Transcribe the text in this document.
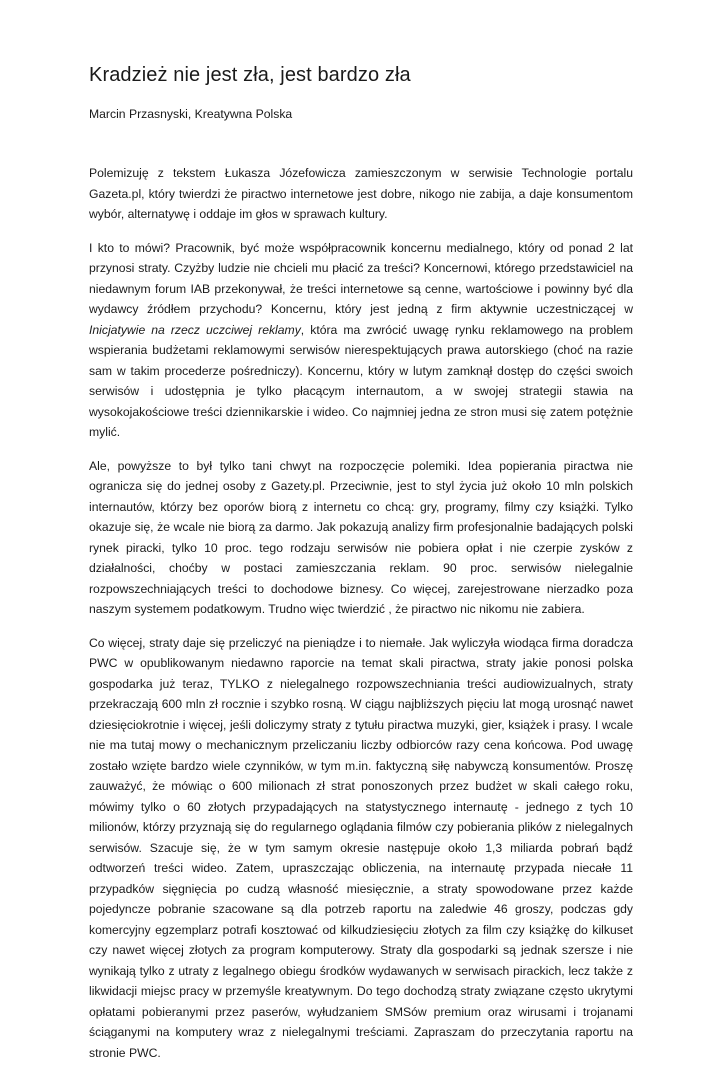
Kradzież nie jest zła, jest bardzo zła

Marcin Przasnyski, Kreatywna Polska

Polemizuję z tekstem Łukasza Józefowicza zamieszczonym w serwisie Technologie portalu Gazeta.pl, który twierdzi że piractwo internetowe jest dobre, nikogo nie zabija, a daje konsumentom wybór, alternatywę i oddaje im głos w sprawach kultury.

I kto to mówi? Pracownik, być może współpracownik koncernu medialnego, który od ponad 2 lat przynosi straty. Czyżby ludzie nie chcieli mu płacić za treści? Koncernowi, którego przedstawiciel na niedawnym forum IAB przekonywał, że treści internetowe są cenne, wartościowe i powinny być dla wydawcy źródłem przychodu? Koncernu, który jest jedną z firm aktywnie uczestniczącej w Inicjatywie na rzecz uczciwej reklamy, która ma zwrócić uwagę rynku reklamowego na problem wspierania budżetami reklamowymi serwisów nierespektujących prawa autorskiego (choć na razie sam w takim procederze pośredniczy). Koncernu, który w lutym zamknął dostęp do części swoich serwisów i udostępnia je tylko płacącym internautom, a w swojej strategii stawia na wysokojakościowe treści dziennikarskie i wideo. Co najmniej jedna ze stron musi się zatem potężnie mylić.

Ale, powyższe to był tylko tani chwyt na rozpoczęcie polemiki. Idea popierania piractwa nie ogranicza się do jednej osoby z Gazety.pl. Przeciwnie, jest to styl życia już około 10 mln polskich internautów, którzy bez oporów biorą z internetu co chcą: gry, programy, filmy czy książki. Tylko okazuje się, że wcale nie biorą za darmo. Jak pokazują analizy firm profesjonalnie badających polski rynek piracki, tylko 10 proc. tego rodzaju serwisów nie pobiera opłat i nie czerpie zysków z działalności, choćby w postaci zamieszczania reklam. 90 proc. serwisów nielegalnie rozpowszechniających treści to dochodowe biznesy. Co więcej, zarejestrowane nierzadko poza naszym systemem podatkowym. Trudno więc twierdzić , że piractwo nic nikomu nie zabiera.

Co więcej, straty daje się przeliczyć na pieniądze i to niemałe. Jak wyliczyła wiodąca firma doradcza PWC w opublikowanym niedawno raporcie na temat skali piractwa, straty jakie ponosi polska gospodarka już teraz, TYLKO z nielegalnego rozpowszechniania treści audiowizualnych, straty przekraczają 600 mln zł rocznie i szybko rosną. W ciągu najbliższych pięciu lat mogą urosnąć nawet dziesięciokrotnie i więcej, jeśli doliczymy straty z tytułu piractwa muzyki, gier, książek i prasy. I wcale nie ma tutaj mowy o mechanicznym przeliczaniu liczby odbiorców razy cena końcowa. Pod uwagę zostało wzięte bardzo wiele czynników, w tym m.in. faktyczną siłę nabywczą konsumentów. Proszę zauważyć, że mówiąc o 600 milionach zł strat ponoszonych przez budżet w skali całego roku, mówimy tylko o 60 złotych przypadających na statystycznego internautę - jednego z tych 10 milionów, którzy przyznają się do regularnego oglądania filmów czy pobierania plików z nielegalnych serwisów. Szacuje się, że w tym samym okresie następuje około 1,3 miliarda pobrań bądź odtworzeń treści wideo. Zatem, upraszczając obliczenia, na internautę przypada niecałe 11 przypadków sięgnięcia po cudzą własność miesięcznie, a straty spowodowane przez każde pojedyncze pobranie szacowane są dla potrzeb raportu na zaledwie 46 groszy, podczas gdy komercyjny egzemplarz potrafi kosztować od kilkudziesięciu złotych za film czy książkę do kilkuset czy nawet więcej złotych za program komputerowy. Straty dla gospodarki są jednak szersze i nie wynikają tylko z utraty z legalnego obiegu środków wydawanych w serwisach pirackich, lecz także z likwidacji miejsc pracy w przemyśle kreatywnym. Do tego dochodzą straty związane często ukrytymi opłatami pobieranymi przez paserów, wyłudzaniem SMSów premium oraz wirusami i trojanami ściąganymi na komputery wraz z nielegalnymi treściami. Zapraszam do przeczytania raportu na stronie PWC.
